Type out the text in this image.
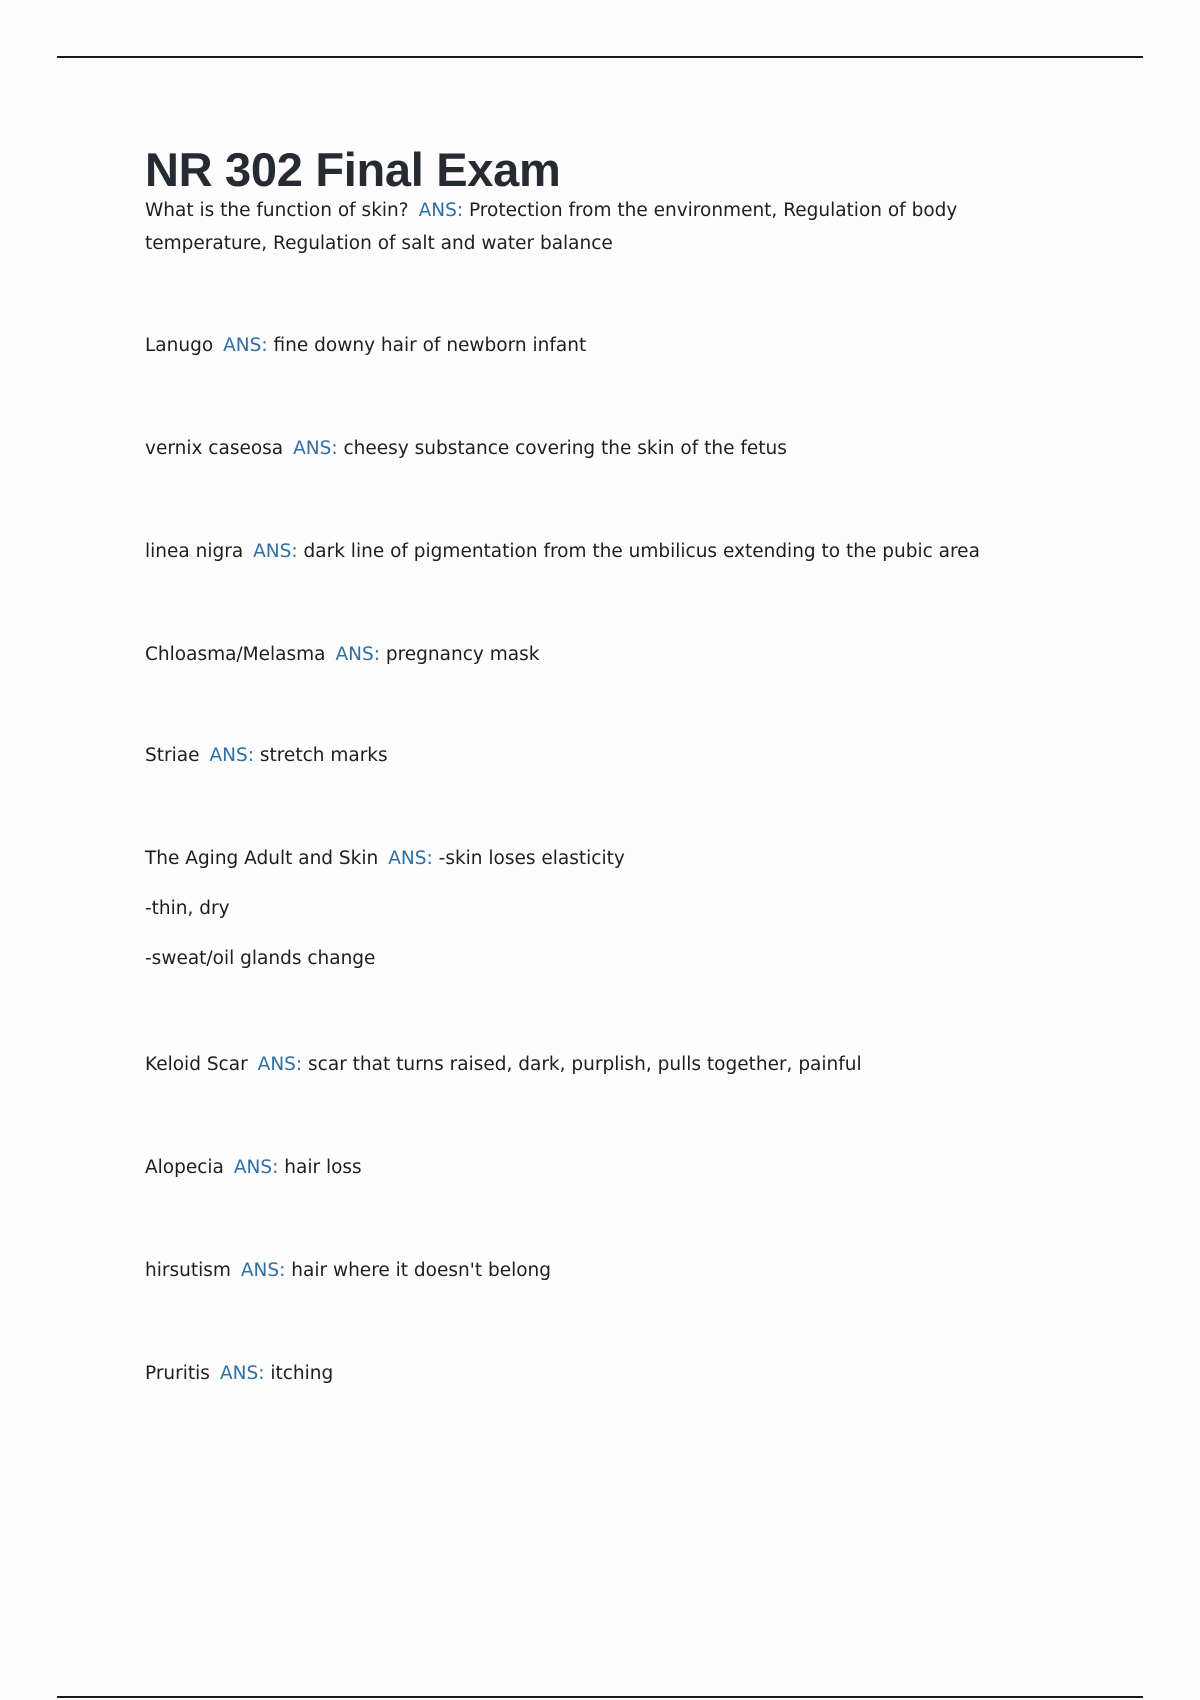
NR 302 Final Exam
What is the function of skin? ANS: Protection from the environment, Regulation of body temperature, Regulation of salt and water balance
Lanugo ANS: fine downy hair of newborn infant
vernix caseosa ANS: cheesy substance covering the skin of the fetus
linea nigra ANS: dark line of pigmentation from the umbilicus extending to the pubic area
Chloasma/Melasma ANS: pregnancy mask
Striae ANS: stretch marks
The Aging Adult and Skin ANS: -skin loses elasticity
-thin, dry
-sweat/oil glands change
Keloid Scar ANS: scar that turns raised, dark, purplish, pulls together, painful
Alopecia ANS: hair loss
hirsutism ANS: hair where it doesn't belong
Pruritis ANS: itching
